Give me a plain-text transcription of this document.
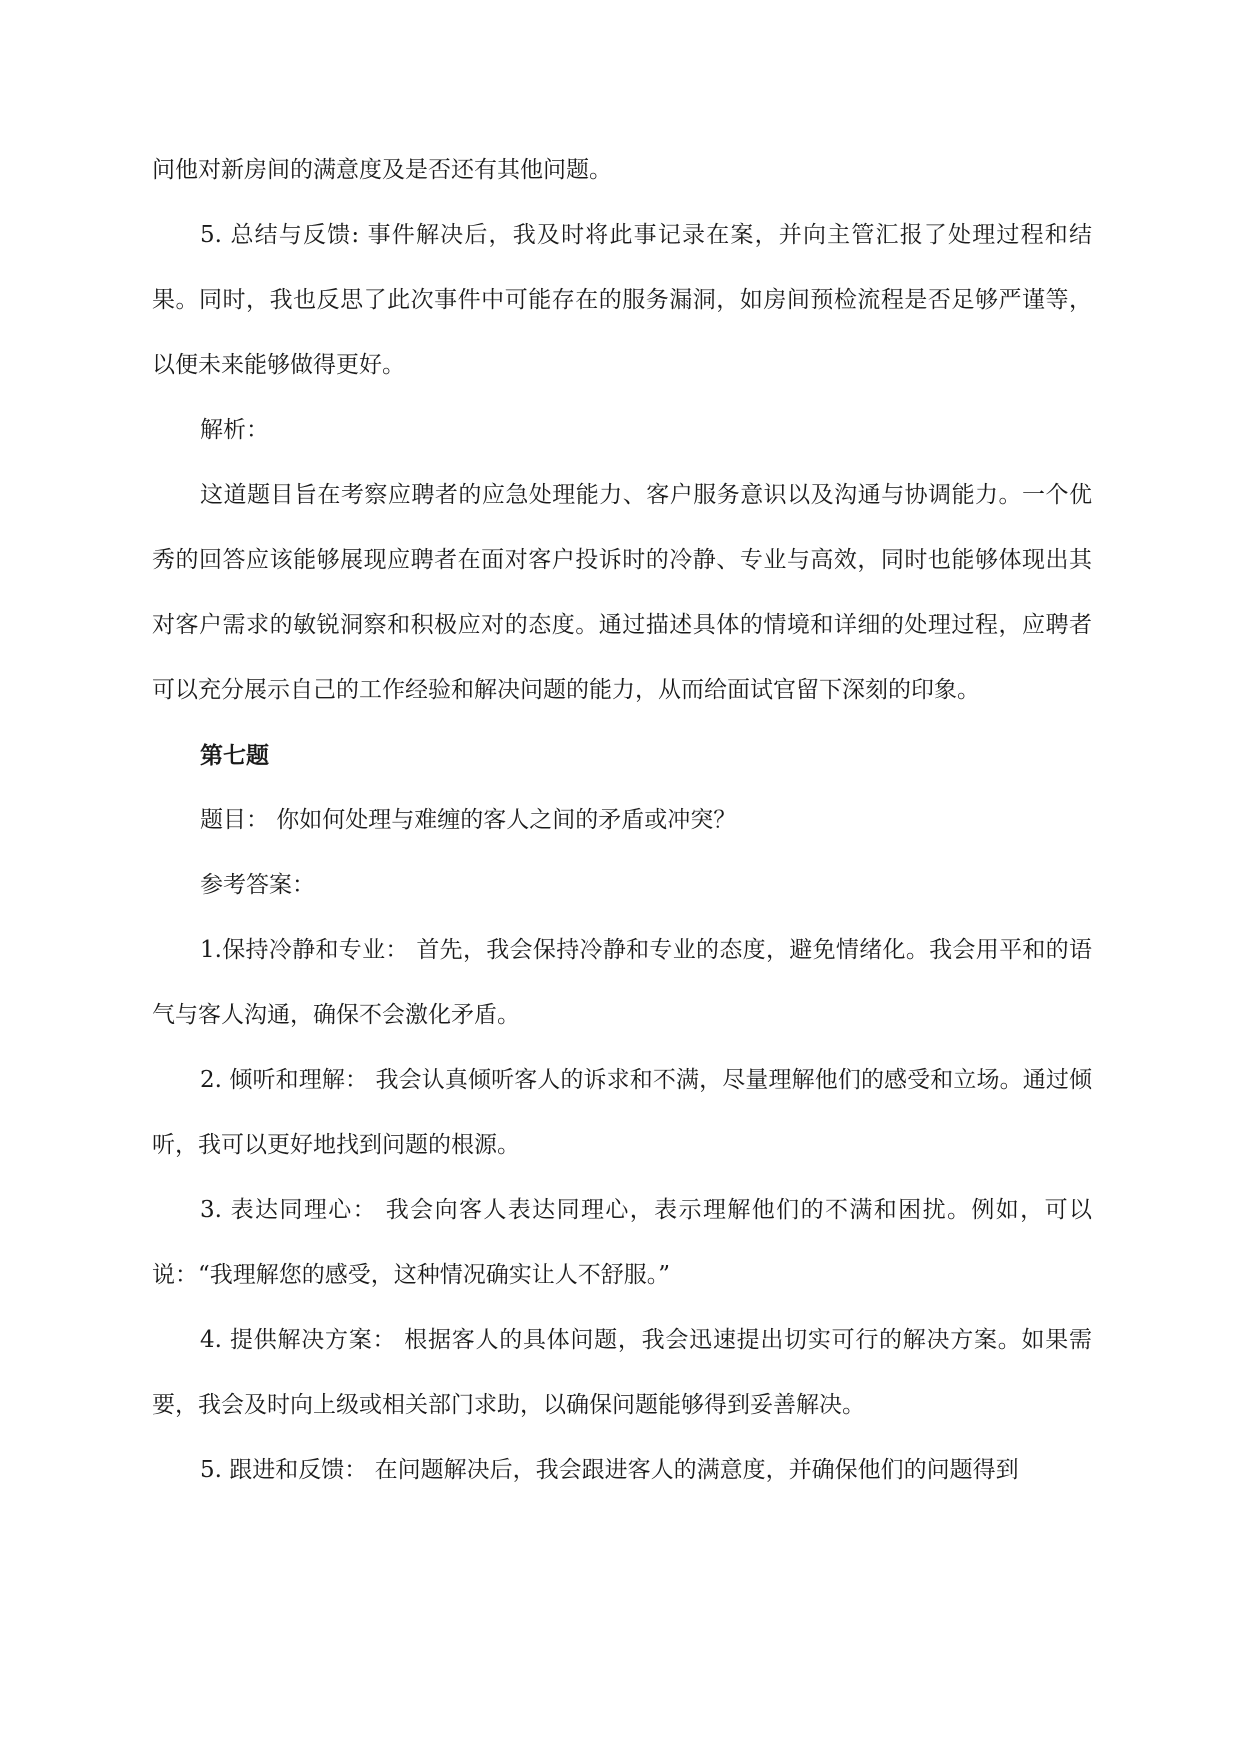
问他对新房间的满意度及是否还有其他问题。

5. 总结与反馈: 事件解决后，我及时将此事记录在案，并向主管汇报了处理过程和结果。同时，我也反思了此次事件中可能存在的服务漏洞，如房间预检流程是否足够严谨等，以便未来能够做得更好。

解析：

这道题目旨在考察应聘者的应急处理能力、客户服务意识以及沟通与协调能力。一个优秀的回答应该能够展现应聘者在面对客户投诉时的冷静、专业与高效，同时也能够体现出其对客户需求的敏锐洞察和积极应对的态度。通过描述具体的情境和详细的处理过程，应聘者可以充分展示自己的工作经验和解决问题的能力，从而给面试官留下深刻的印象。

第七题

题目： 你如何处理与难缠的客人之间的矛盾或冲突？

参考答案：

1.保持冷静和专业： 首先，我会保持冷静和专业的态度，避免情绪化。我会用平和的语气与客人沟通，确保不会激化矛盾。

2. 倾听和理解： 我会认真倾听客人的诉求和不满，尽量理解他们的感受和立场。通过倾听，我可以更好地找到问题的根源。

3. 表达同理心： 我会向客人表达同理心，表示理解他们的不满和困扰。例如，可以说：“我理解您的感受，这种情况确实让人不舒服。”

4. 提供解决方案： 根据客人的具体问题，我会迅速提出切实可行的解决方案。如果需要，我会及时向上级或相关部门求助，以确保问题能够得到妥善解决。

5. 跟进和反馈： 在问题解决后，我会跟进客人的满意度，并确保他们的问题得到
